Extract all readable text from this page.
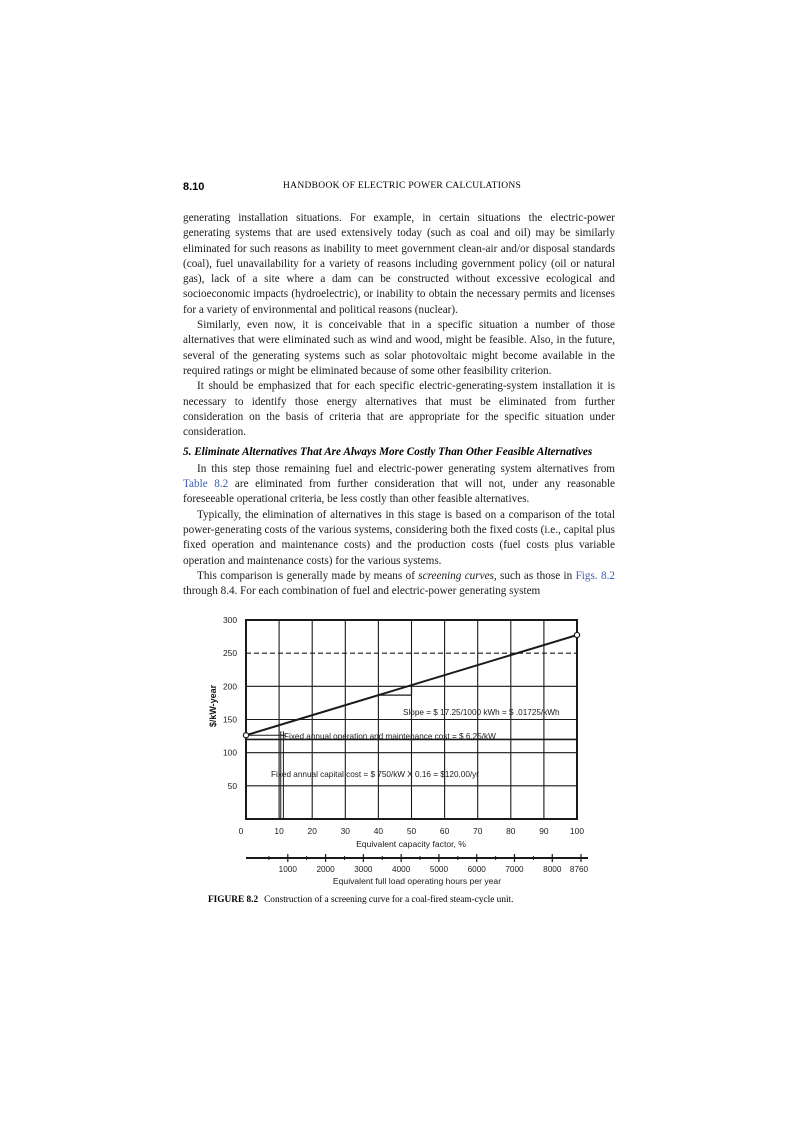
8.10	HANDBOOK OF ELECTRIC POWER CALCULATIONS

generating installation situations. For example, in certain situations the electric-power generating systems that are used extensively today (such as coal and oil) may be similarly eliminated for such reasons as inability to meet government clean-air and/or disposal standards (coal), fuel unavailability for a variety of reasons including government policy (oil or natural gas), lack of a site where a dam can be constructed without excessive ecological and socioeconomic impacts (hydroelectric), or inability to obtain the necessary permits and licenses for a variety of environmental and political reasons (nuclear).

Similarly, even now, it is conceivable that in a specific situation a number of those alternatives that were eliminated such as wind and wood, might be feasible. Also, in the future, several of the generating systems such as solar photovoltaic might become available in the required ratings or might be eliminated because of some other feasibility criterion.

It should be emphasized that for each specific electric-generating-system installation it is necessary to identify those energy alternatives that must be eliminated from further consideration on the basis of criteria that are appropriate for the specific situation under consideration.

5. Eliminate Alternatives That Are Always More Costly Than Other Feasible Alternatives

In this step those remaining fuel and electric-power generating system alternatives from Table 8.2 are eliminated from further consideration that will not, under any reasonable foreseeable operational criteria, be less costly than other feasible alternatives.

Typically, the elimination of alternatives in this stage is based on a comparison of the total power-generating costs of the various systems, considering both the fixed costs (i.e., capital plus fixed operation and maintenance costs) and the production costs (fuel costs plus variable operation and maintenance costs) for the various systems.

This comparison is generally made by means of screening curves, such as those in Figs. 8.2 through 8.4. For each combination of fuel and electric-power generating system

50
100
150
200
250
300
0	10	20	30	40	50	60	70	80	90	100
$/kW-year
Equivalent capacity factor, %
1000 2000 3000 4000 5000 6000 7000 8000 8760
Equivalent full load operating hours per year
Slope = $ 17.25/1000 kWh = $ .01725/kWh
Fixed annual operation and maintenance cost = $ 6.25/kW
Fixed annual capital cost = $ 750/kW X 0.16 = $120.00/yr
FIGURE 8.2 Construction of a screening curve for a coal-fired steam-cycle unit.
